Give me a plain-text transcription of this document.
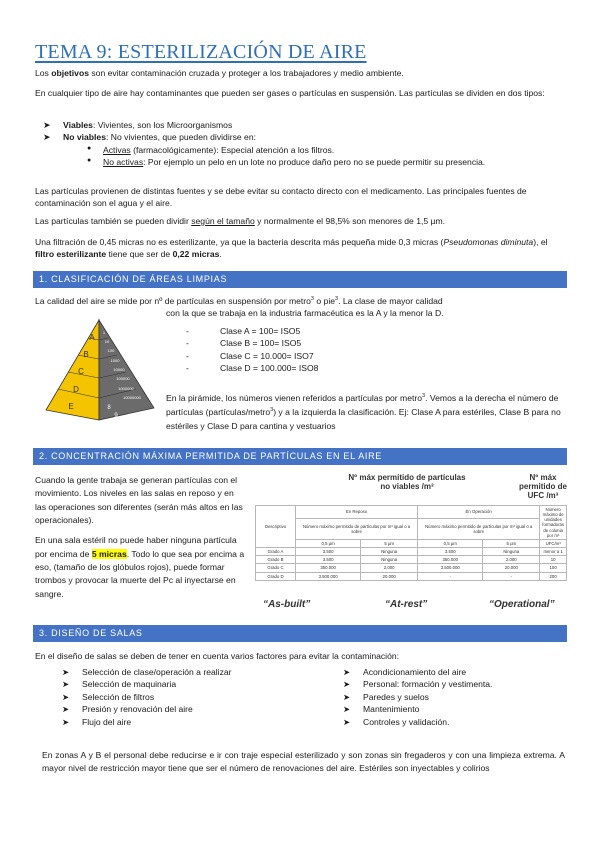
TEMA 9: ESTERILIZACIÓN DE AIRE

Los objetivos son evitar contaminación cruzada y proteger a los trabajadores y medio ambiente.

En cualquier tipo de aire hay contaminantes que pueden ser gases o partículas en suspensión. Las partículas se dividen en dos tipos:

➤ Viables: Vivientes, son los Microorganismos
➤ No viables: No vivientes, que pueden dividirse en:
● Activas (farmacológicamente): Especial atención a los filtros.
● No activas: Por ejemplo un pelo en un lote no produce daño pero no se puede permitir su presencia.

Las partículas provienen de distintas fuentes y se debe evitar su contacto directo con el medicamento. Las principales fuentes de contaminación son el agua y el aire.

Las partículas también se pueden dividir según el tamaño y normalmente el 98,5% son menores de 1,5 µm.

Una filtración de 0,45 micras no es esterilizante, ya que la bacteria descrita más pequeña mide 0,3 micras (Pseudomonas diminuta), el filtro esterilizante tiene que ser de 0,22 micras.

1. CLASIFICACIÓN DE ÁREAS LIMPIAS

La calidad del aire se mide por nº de partículas en suspensión por metro$^3$ o pie$^3$. La clase de mayor calidad

con la que se trabaja en la industria farmacéutica es la A y la menor la D.

A
B
C
D
E
1
10
100
1000
10000
100000
1000000
10000000
8
9
- Clase A = 100= ISO5
- Clase B = 100= ISO5
- Clase C = 10.000= ISO7
- Clase D = 100.000= ISO8

En la pirámide, los números vienen referidos a partículas por metro$^3$. Vemos a la derecha el número de partículas (partículas/metro$^3$) y a la izquierda la clasificación. Ej: Clase A para estériles, Clase B para no estériles y Clase D para cantina y vestuarios

2. CONCENTRACIÓN MÁXIMA PERMITIDA DE PARTÍCULAS EN EL AIRE

Cuando la gente trabaja se generan partículas con el movimiento. Los niveles en las salas en reposo y en las operaciones son diferentes (serán más altos en las operacionales).

En una sala estéril no puede haber ninguna partícula por encima de 5 micras. Todo lo que sea por encima a eso, (tamaño de los glóbulos rojos), puede formar trombos y provocar la muerte del Pc al inyectarse en sangre.

Nº máx permitido de partículas no viables /m³
Nº máx permitido de UFC /m³
Descriptivo	En Reposo		En Operación		Número máximo de unidades formadoras de colonia por m³
	Número máximo permitido de partículas por m³ igual o a sobre		Número máximo permitido de partículas por m³ igual o a sobre		
	0,5 µm	5 µm	0,5 µm	5 µm	UFC/m³
Grado A	3.500	Ninguna	3.500	Ninguna	menor a 1
Grado B	3.500	Ninguna	350.000	2.000	10
Grado C	350.000	2.000	3.500.000	20.000	100
Grado D	3.500.000	20.000	-	-	200
“As-built”	“At-rest”	“Operational”
3. DISEÑO DE SALAS
En el diseño de salas se deben de tener en cuenta varios factores para evitar la contaminación:
➤ Selección de clase/operación a realizar
➤ Selección de maquinaria
➤ Selección de filtros
➤ Presión y renovación del aire
➤ Flujo del aire
➤ Acondicionamiento del aire
➤ Personal: formación y vestimenta.
➤ Paredes y suelos
➤ Mantenimiento
➤ Controles y validación.

En zonas A y B el personal debe reducirse e ir con traje especial esterilizado y son zonas sin fregaderos y con una limpieza extrema. A mayor nivel de restricción mayor tiene que ser el número de renovaciones del aire. Estériles son inyectables y colirios
